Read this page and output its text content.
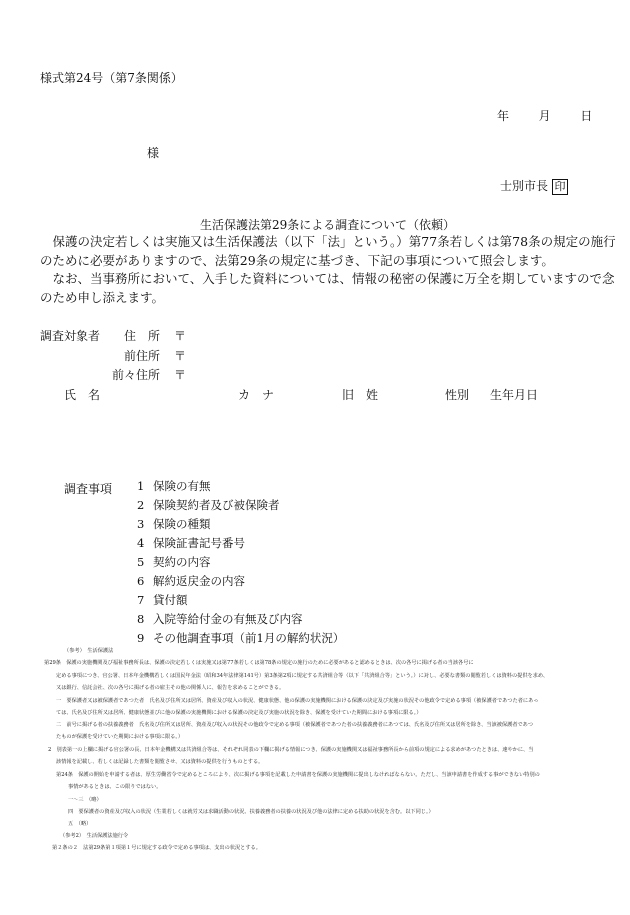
様式第24号（第7条関係）
年 月 日
様
士別市長 印
生活保護法第29条による調査について（依頼）
保護の決定若しくは実施又は生活保護法（以下「法」という。）第77条若しくは第78条の規定の施行のために必要がありますので、法第29条の規定に基づき、下記の事項について照会します。
なお、当事務所において、入手した資料については、情報の秘密の保護に万全を期していますので念のため申し添えます。
調査対象者 住　所 〒
前住所 〒
前々住所 〒
氏　名	カ　ナ	旧　姓	性別 生年月日
調査事項 1 保険の有無
2 保険契約者及び被保険者
3 保険の種類
4 保険証書記号番号
5 契約の内容
6 解約返戻金の内容
7 貸付額
8 入院等給付金の有無及び内容
9 その他調査事項（前1月の解約状況）
（参考）　生活保護法
第29条　保護の実施機関及び福祉事務所長は、保護の決定若しくは実施又は第77条若しくは第78条の規定の施行のために必要があると認めるときは、次の各号に掲げる者の当該各号に
定める事項につき、官公署、日本年金機構若しくは国民年金法（昭和34年法律第141号）第3条第2項に規定する共済組合等（以下「共済組合等」という。）に対し、必要な書類の閲覧若しくは資料の提供を求め、
又は銀行、信託会社、次の各号に掲げる者の雇主その他の関係人に、報告を求めることができる。
一　要保護者又は被保護者であつた者　氏名及び住所又は居所、資産及び収入の状況、健康状態、他の保護の実施機関における保護の決定及び実施の状況その他政令で定める事項（被保護者であつた者にあっ
ては、氏名及び住所又は居所、健康状態並びに他の保護の実施機関における保護の決定及び実施の状況を除き、保護を受けていた期間における事項に限る。）
二　前号に掲げる者の扶養義務者　氏名及び住所又は居所、資産及び収入の状況その他政令で定める事項（被保護者であつた者の扶養義務者にあつては、氏名及び住所又は居所を除き、当該被保護者であつ
たものが保護を受けていた期間における事項に限る。）
2　別表第一の上欄に掲げる官公署の長、日本年金機構又は共済組合等は、それぞれ同表の下欄に掲げる情報につき、保護の実施機関又は福祉事務所長から前項の規定による求めがあつたときは、速やかに、当
該情報を記載し、若しくは記録した書類を閲覧させ、又は資料の提供を行うものとする。
第24条　保護の開始を申請する者は、厚生労働省令で定めるところにより、次に掲げる事項を記載した申請書を保護の実施機関に提出しなければならない。ただし、当該申請書を作成する事ができない特別の
事情があるときは、この限りではない。
一～三　（略）
四　要保護者の資産及び収入の状況（生業若しくは就労又は求職活動の状況、扶養義務者の扶養の状況及び他の法律に定める扶助の状況を含む。以下同じ。）
五　（略）
（参考2）　生活保護法施行令
第２条の２　法第29条第１項第１号に規定する政令で定める事項は、支出の状況とする。
